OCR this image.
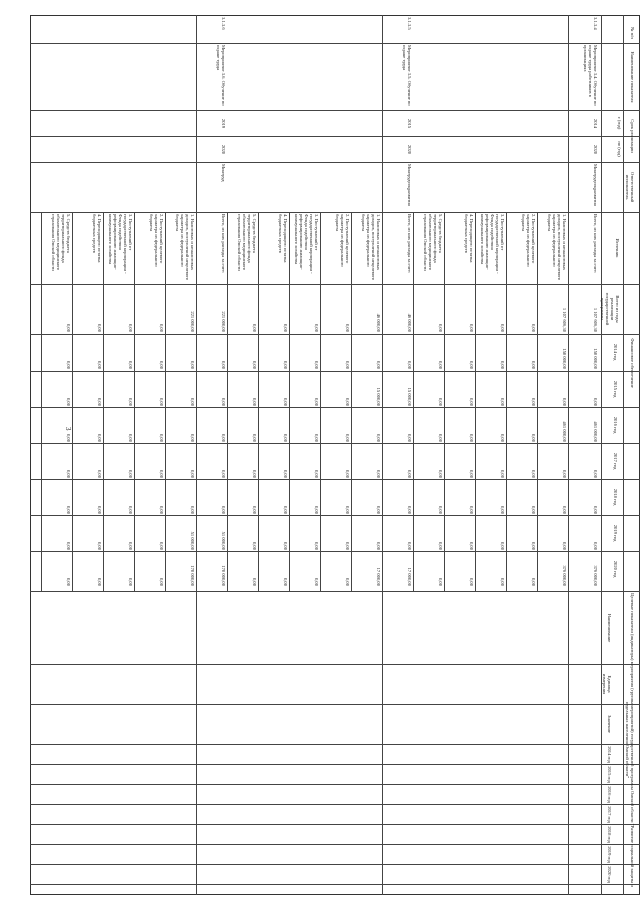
3
№ п/п
Наименование показателя
Срок реализации
с (год)
по (год)
Ответственный исполнитель
Финансовое обеспечение
Источник
Всего из годы реализации государственной программы
2014 год
2015 год
2016 год
2017 год
2018 год
2019 год
2020 год
Целевые показатели (индикаторы) мероприятия (группы мероприятий) государственной программы Омской области "Развитие социальной защиты и отдельных населения Омской области"
Наименование
Единица измерения
Значение
2014 год
2015 год
2016 год
2017 год
2018 год
2019 год
2020 год
3.1.3.4
Мероприятие 3.4. Обучение по охране труда работников в организациях
2014
2020
Минтрудсоцразвития
Всего, из них расходы за счет:
1 107 606,30
150 000,00
0,00
461 000,00
0,00
0,00
0,00
376 000,00
1. Налоговых и неналоговых доходов, поступлений нецелевого характера из федерального бюджета
1 107 606,30
150 000,00
0,00
461 000,00
0,00
0,00
0,00
376 000,00
2. Поступлений целевого характера из федерального бюджета
0,00
0,00
0,00
0,00
0,00
0,00
0,00
0,00
3. Поступлений от государственной корпорации - Фонда содействия реформированию жилищно-коммунального хозяйства
0,00
0,00
0,00
0,00
0,00
0,00
0,00
0,00
4. Переходящего остатка бюджетных средств
0,00
0,00
0,00
0,00
0,00
0,00
0,00
0,00
5. Средств бюджета территориального фонда обязательного медицинского страхования Омской области
0,00
0,00
0,00
0,00
0,00
0,00
0,00
0,00
3.1.3.5
Мероприятие 3.5. Обучение по охране труда
2015
2020
Минтрудсоцразвития
Всего, из них расходы за счет:
46 000,00
0,00
15 000,00
0,00
0,00
0,00
0,00
17 000,00
1. Налоговых и неналоговых доходов, поступлений нецелевого характера из федерального бюджета
46 000,00
0,00
15 000,00
0,00
0,00
0,00
0,00
17 000,00
2. Поступлений целевого характера из федерального бюджета
0,00
0,00
0,00
0,00
0,00
0,00
0,00
0,00
3. Поступлений от государственной корпорации - Фонда содействия реформированию жилищно-коммунального хозяйства
0,00
0,00
0,00
0,00
0,00
0,00
0,00
0,00
4. Переходящего остатка бюджетных средств
0,00
0,00
0,00
0,00
0,00
0,00
0,00
0,00
5. Средств бюджета территориального фонда обязательного медицинского страхования Омской области
0,00
0,00
0,00
0,00
0,00
0,00
0,00
0,00
3.1.3.6
Мероприятие 3.6. Обучение по охране труда
2019
2020
Минтруд
Всего, из них расходы за счет:
221 000,00
0,00
0,00
0,00
0,00
0,00
51 000,00
170 000,00
1. Налоговых и неналоговых доходов, поступлений нецелевого характера из федерального бюджета
221 000,00
0,00
0,00
0,00
0,00
0,00
51 000,00
170 000,00
2. Поступлений целевого характера из федерального бюджета
0,00
0,00
0,00
0,00
0,00
0,00
0,00
0,00
3. Поступлений от государственной корпорации - Фонда содействия реформированию жилищно-коммунального хозяйства
0,00
0,00
0,00
0,00
0,00
0,00
0,00
0,00
4. Переходящего остатка бюджетных средств
0,00
0,00
0,00
0,00
0,00
0,00
0,00
0,00
5. Средств бюджета территориального фонда обязательного медицинского страхования Омской области
0,00
0,00
0,00
0,00
0,00
0,00
0,00
0,00
